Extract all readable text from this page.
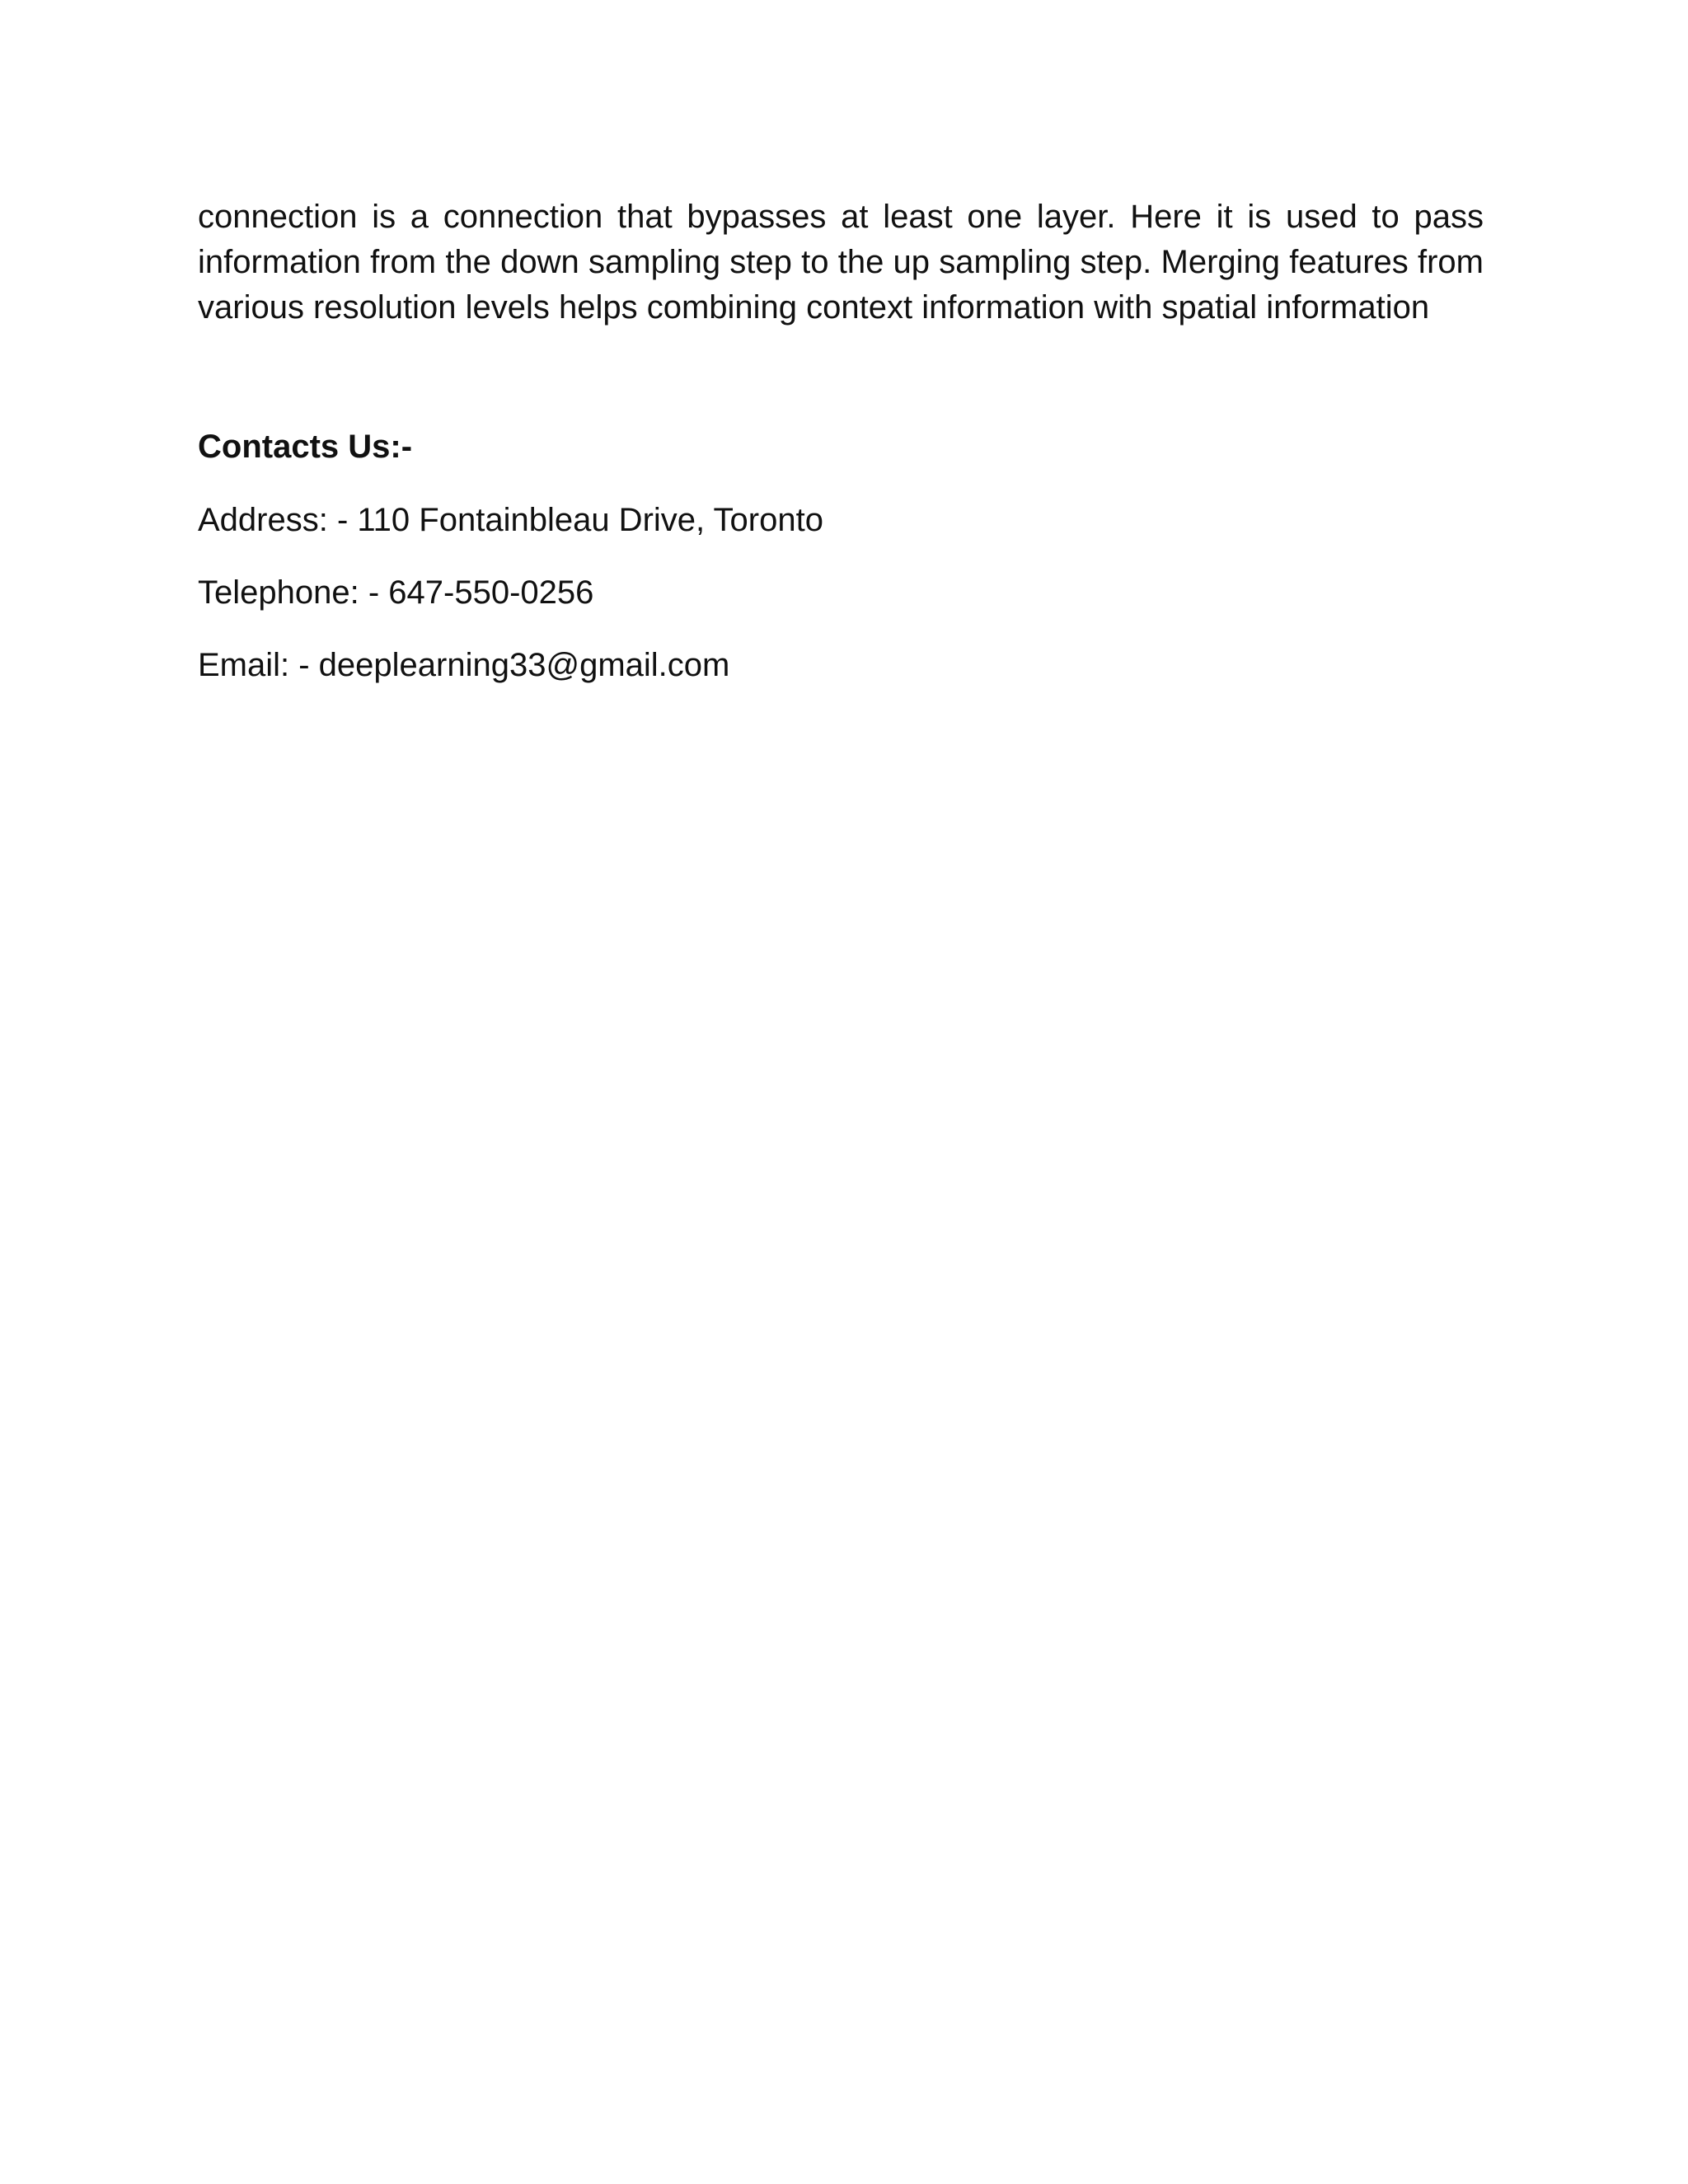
connection is a connection that bypasses at least one layer. Here it is used to pass information from the down sampling step to the up sampling step. Merging features from various resolution levels helps combining context information with spatial information

Contacts Us:-

Address: - 110 Fontainbleau Drive, Toronto

Telephone: - 647-550-0256

Email: - deeplearning33@gmail.com
